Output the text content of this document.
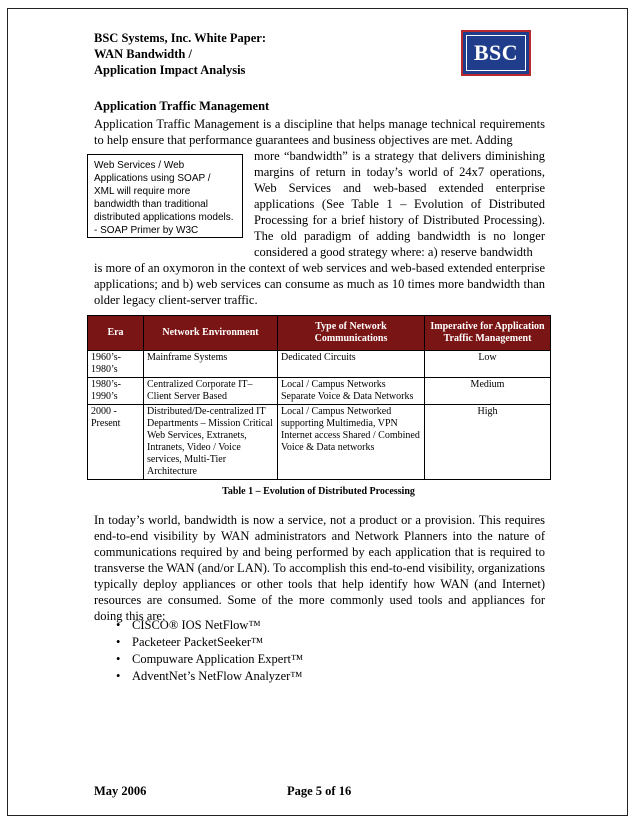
BSC Systems, Inc. White Paper:
WAN Bandwidth /
Application Impact Analysis
BSC
Application Traffic Management
Application Traffic Management is a discipline that helps manage technical requirements to help ensure that performance guarantees and business objectives are met. Adding
Web Services / Web
Applications using SOAP /
XML will require more
bandwidth than traditional
distributed applications models.
- SOAP Primer by W3C
more “bandwidth” is a strategy that delivers diminishing margins of return in today’s world of 24x7 operations, Web Services and web-based extended enterprise applications (See Table 1 – Evolution of Distributed Processing for a brief history of Distributed Processing). The old paradigm of adding bandwidth is no longer considered a good strategy where: a) reserve bandwidth
is more of an oxymoron in the context of web services and web-based extended enterprise applications; and b) web services can consume as much as 10 times more bandwidth than older legacy client-server traffic.
Era	Network Environment	Type of Network Communications	Imperative for Application Traffic Management
1960’s-1980’s	Mainframe Systems	Dedicated Circuits	Low
1980’s-1990’s	Centralized Corporate IT– Client Server Based	Local / Campus Networks Separate Voice & Data Networks	Medium
2000 - Present	Distributed/De-centralized IT Departments – Mission Critical Web Services, Extranets, Intranets, Video / Voice services, Multi-Tier Architecture	Local / Campus Networked supporting Multimedia, VPN Internet access Shared / Combined Voice & Data networks	High
Table 1 – Evolution of Distributed Processing
In today’s world, bandwidth is now a service, not a product or a provision. This requires end-to-end visibility by WAN administrators and Network Planners into the nature of communications required by and being performed by each application that is required to transverse the WAN (and/or LAN). To accomplish this end-to-end visibility, organizations typically deploy appliances or other tools that help identify how WAN (and Internet) resources are consumed. Some of the more commonly used tools and appliances for doing this are:
• CISCO® IOS NetFlow™
• Packeteer PacketSeeker™
• Compuware Application Expert™
• AdventNet’s NetFlow Analyzer™
May 2006	Page 5 of 16
